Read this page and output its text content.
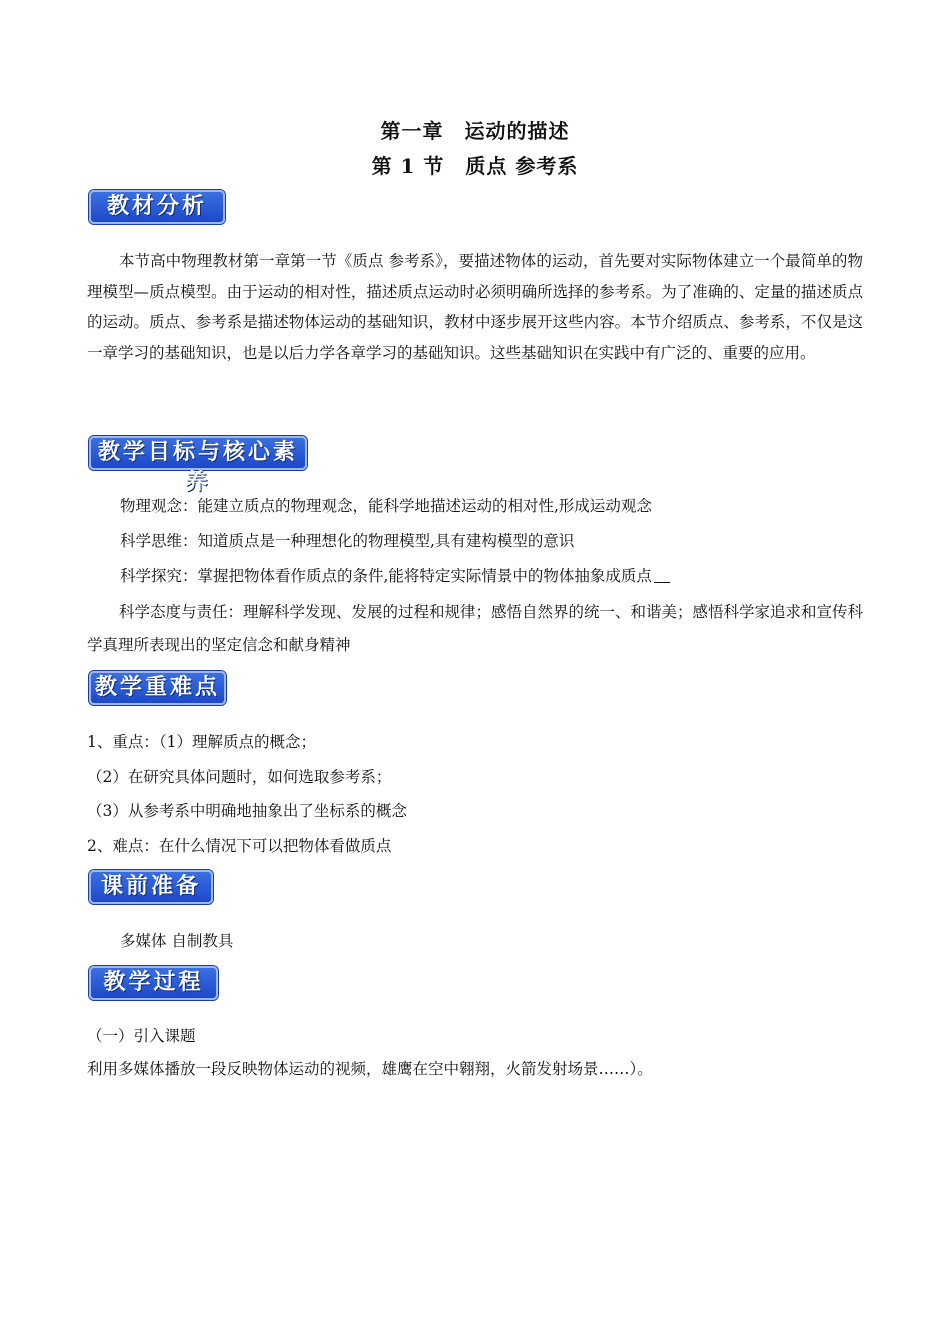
第一章　运动的描述
第 1 节　质点 参考系
教材分析
本节高中物理教材第一章第一节《质点 参考系》，要描述物体的运动，首先要对实际物体建立一个最简单的物理模型—质点模型。由于运动的相对性，描述质点运动时必须明确所选择的参考系。为了准确的、定量的描述质点的运动。质点、参考系是描述物体运动的基础知识，教材中逐步展开这些内容。本节介绍质点、参考系，不仅是这一章学习的基础知识，也是以后力学各章学习的基础知识。这些基础知识在实践中有广泛的、重要的应用。
教学目标与核心素养
物理观念：能建立质点的物理观念，能科学地描述运动的相对性,形成运动观念
科学思维：知道质点是一种理想化的物理模型,具有建构模型的意识
科学探究：掌握把物体看作质点的条件,能将特定实际情景中的物体抽象成质点
科学态度与责任：理解科学发现、发展的过程和规律；感悟自然界的统一、和谐美；感悟科学家追求和宣传科学真理所表现出的坚定信念和献身精神
教学重难点
1、重点：（1）理解质点的概念；
（2）在研究具体问题时，如何选取参考系；
（3）从参考系中明确地抽象出了坐标系的概念
2、难点：在什么情况下可以把物体看做质点
课前准备
多媒体 自制教具
教学过程
（一）引入课题
利用多媒体播放一段反映物体运动的视频，雄鹰在空中翱翔，火箭发射场景……）。
